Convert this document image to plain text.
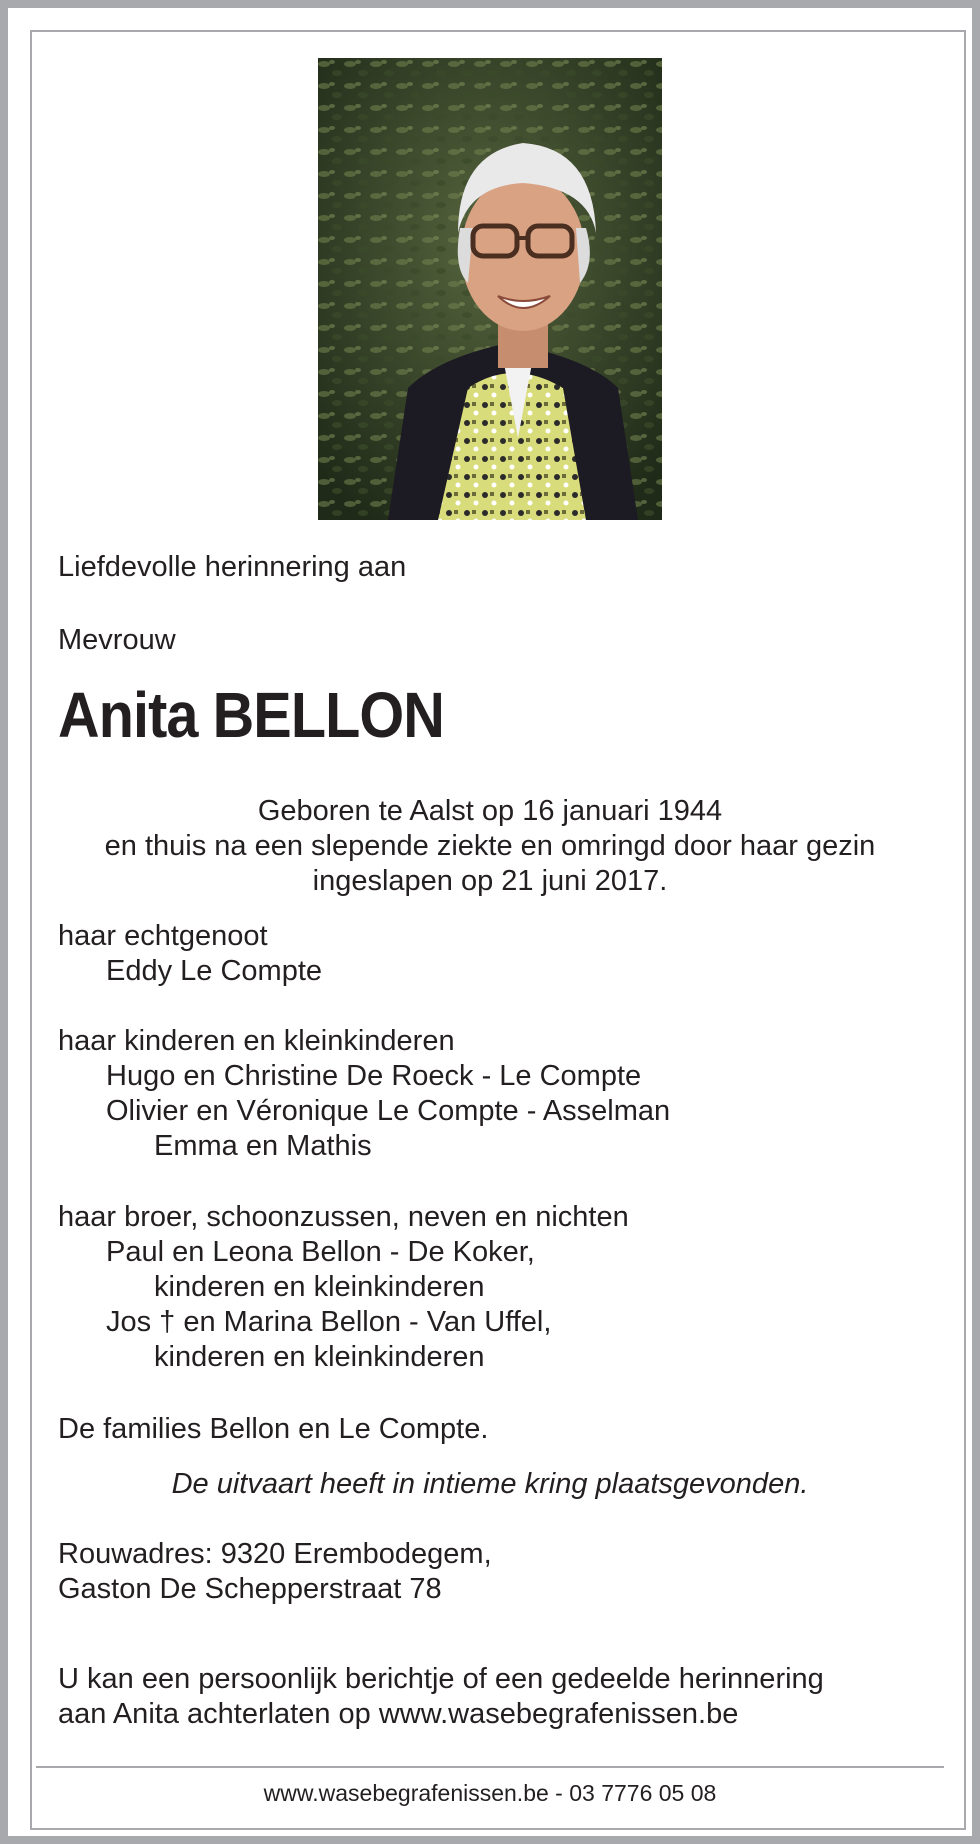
Liefdevolle herinnering aan
Mevrouw
Anita BELLON
Geboren te Aalst op 16 januari 1944
en thuis na een slepende ziekte en omringd door haar gezin
ingeslapen op 21 juni 2017.
haar echtgenoot
Eddy Le Compte
haar kinderen en kleinkinderen
Hugo en Christine De Roeck - Le Compte
Olivier en Véronique Le Compte - Asselman
Emma en Mathis
haar broer, schoonzussen, neven en nichten
Paul en Leona Bellon - De Koker,
kinderen en kleinkinderen
Jos † en Marina Bellon - Van Uffel,
kinderen en kleinkinderen
De families Bellon en Le Compte.
De uitvaart heeft in intieme kring plaatsgevonden.
Rouwadres: 9320 Erembodegem,
Gaston De Schepperstraat 78
U kan een persoonlijk berichtje of een gedeelde herinnering
aan Anita achterlaten op www.wasebegrafenissen.be
www.wasebegrafenissen.be - 03 7776 05 08
